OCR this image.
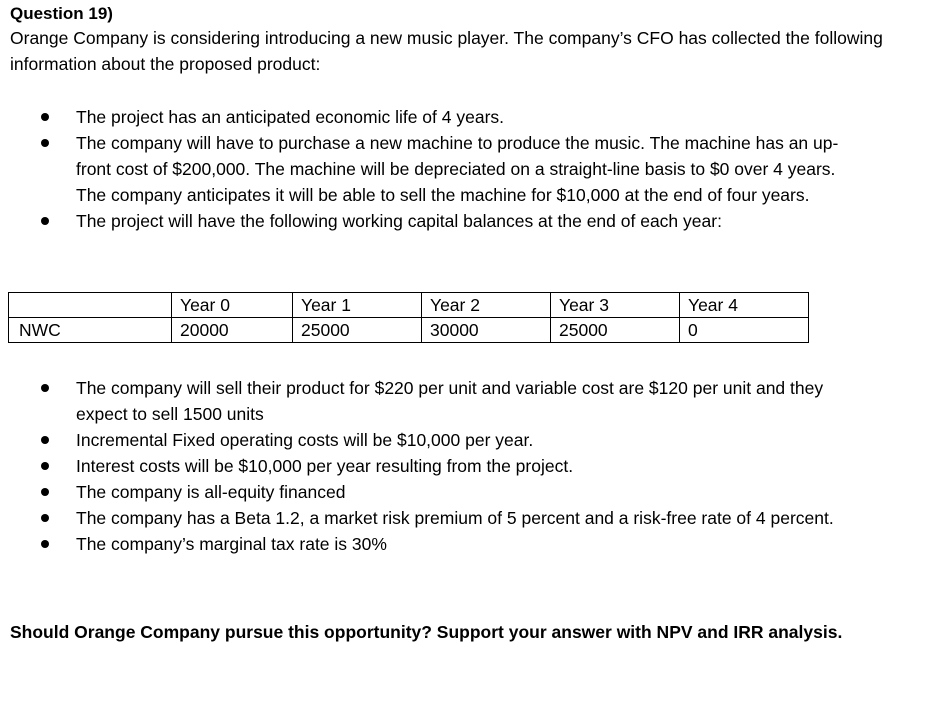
Question 19)
Orange Company is considering introducing a new music player. The company’s CFO has collected the following information about the proposed product:
The project has an anticipated economic life of 4 years.
The company will have to purchase a new machine to produce the music. The machine has an up-front cost of $200,000. The machine will be depreciated on a straight-line basis to $0 over 4 years. The company anticipates it will be able to sell the machine for $10,000 at the end of four years.
The project will have the following working capital balances at the end of each year:
	Year 0	Year 1	Year 2	Year 3	Year 4
NWC	20000	25000	30000	25000	0
The company will sell their product for $220 per unit and variable cost are $120 per unit and they expect to sell 1500 units
Incremental Fixed operating costs will be $10,000 per year.
Interest costs will be $10,000 per year resulting from the project.
The company is all-equity financed
The company has a Beta 1.2, a market risk premium of 5 percent and a risk-free rate of 4 percent.
The company’s marginal tax rate is 30%
Should Orange Company pursue this opportunity? Support your answer with NPV and IRR analysis.
